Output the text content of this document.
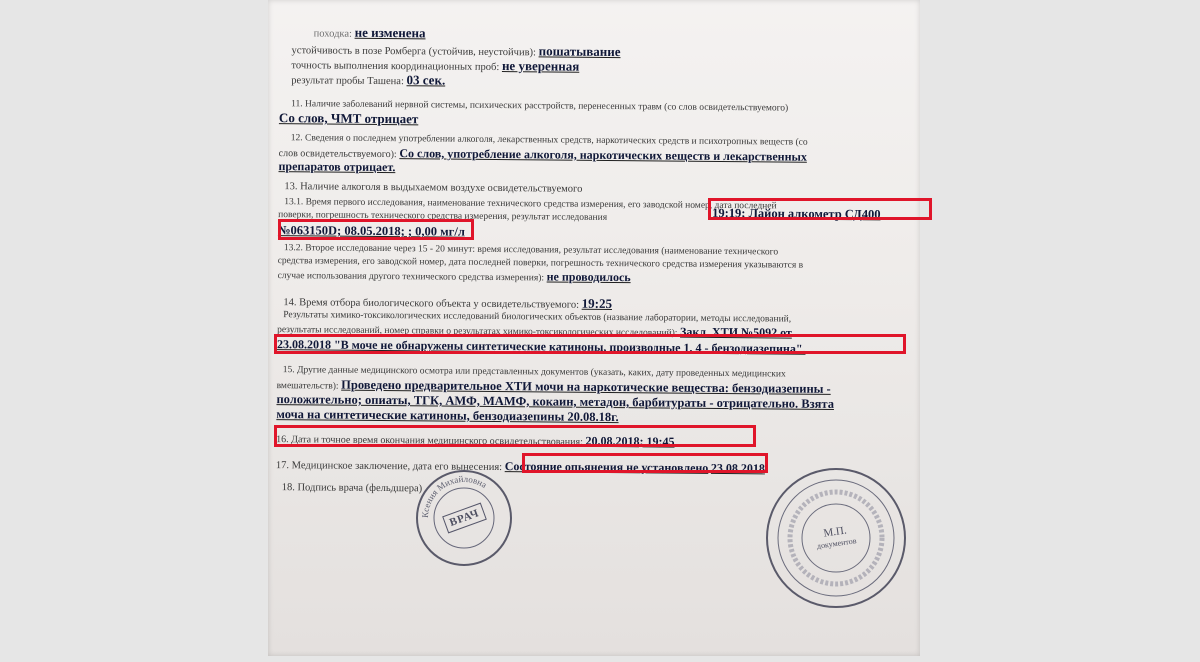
походка: не изменена
устойчивость в позе Ромберга (устойчив, неустойчив): пошатывание
точность выполнения координационных проб: не уверенная
результат пробы Ташена: 03 сек.
11. Наличие заболеваний нервной системы, психических расстройств, перенесенных травм (со слов освидетельствуемого)
Со слов, ЧМТ отрицает
12. Сведения о последнем употреблении алкоголя, лекарственных средств, наркотических средств и психотропных веществ (со
слов освидетельствуемого): Со слов, употребление алкоголя, наркотических веществ и лекарственных
препаратов отрицает.
13. Наличие алкоголя в выдыхаемом воздухе освидетельствуемого
13.1. Время первого исследования, наименование технического средства измерения, его заводской номер, дата последней
поверки, погрешность технического средства измерения, результат исследования	19:19; Лайон алкометр СД400
№063150D; 08.05.2018; ; 0,00 мг/л
13.2. Второе исследование через 15 - 20 минут: время исследования, результат исследования (наименование технического
средства измерения, его заводской номер, дата последней поверки, погрешность технического средства измерения указываются в
случае использования другого технического средства измерения): не проводилось
14. Время отбора биологического объекта у освидетельствуемого: 19:25
Результаты химико-токсикологических исследований биологических объектов (название лаборатории, методы исследований,
результаты исследований, номер справки о результатах химико-токсикологических исследований): Закл. ХТИ №5092 от
23.08.2018 "В моче не обнаружены синтетические катиноны, производные 1, 4 - бензодиазепина".
15. Другие данные медицинского осмотра или представленных документов (указать, каких, дату проведенных медицинских
вмешательств): Проведено предварительное ХТИ мочи на наркотические вещества: бензодиазепины -
положительно; опиаты, ТГК, АМФ, МАМФ, кокаин, метадон, барбитураты - отрицательно. Взята
моча на синтетические катиноны, бензодиазепины 20.08.18г.
16. Дата и точное время окончания медицинского освидетельствования: 20.08.2018; 19:45
17. Медицинское заключение, дата его вынесения: Состояние опьянения не установлено 23.08.2018
18. Подпись врача (фельдшера)
Ксения Михайловна
ВРАЧ
М.П.
документов
